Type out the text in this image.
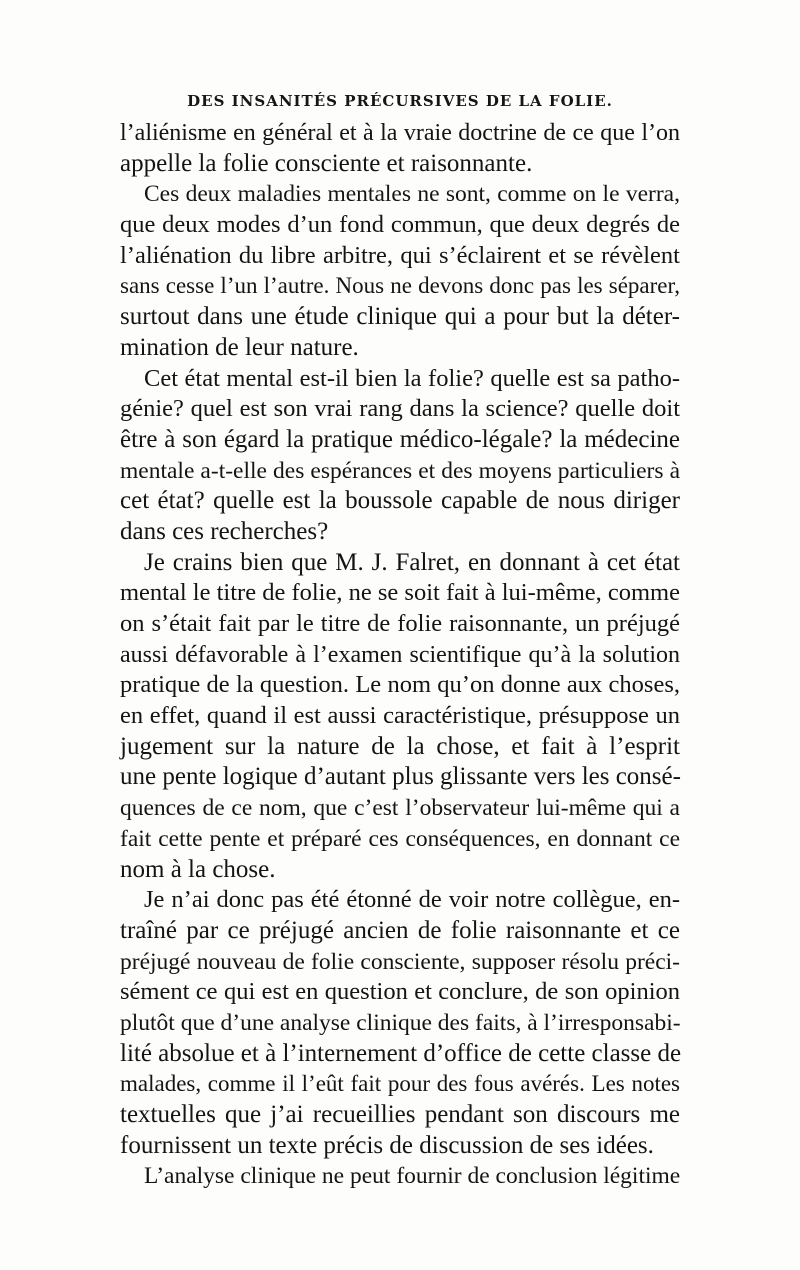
DES INSANITÉS PRÉCURSIVES DE LA FOLIE.
l’aliénisme en général et à la vraie doctrine de ce que l’on
appelle la folie consciente et raisonnante.
Ces deux maladies mentales ne sont, comme on le verra,
que deux modes d’un fond commun, que deux degrés de
l’aliénation du libre arbitre, qui s’éclairent et se révèlent
sans cesse l’un l’autre. Nous ne devons donc pas les séparer,
surtout dans une étude clinique qui a pour but la déter-
mination de leur nature.
Cet état mental est-il bien la folie? quelle est sa patho-
génie? quel est son vrai rang dans la science? quelle doit
être à son égard la pratique médico-légale? la médecine
mentale a-t-elle des espérances et des moyens particuliers à
cet état? quelle est la boussole capable de nous diriger
dans ces recherches?
Je crains bien que M. J. Falret, en donnant à cet état
mental le titre de folie, ne se soit fait à lui-même, comme
on s’était fait par le titre de folie raisonnante, un préjugé
aussi défavorable à l’examen scientifique qu’à la solution
pratique de la question. Le nom qu’on donne aux choses,
en effet, quand il est aussi caractéristique, présuppose un
jugement sur la nature de la chose, et fait à l’esprit
une pente logique d’autant plus glissante vers les consé-
quences de ce nom, que c’est l’observateur lui-même qui a
fait cette pente et préparé ces conséquences, en donnant ce
nom à la chose.
Je n’ai donc pas été étonné de voir notre collègue, en-
traîné par ce préjugé ancien de folie raisonnante et ce
préjugé nouveau de folie consciente, supposer résolu préci-
sément ce qui est en question et conclure, de son opinion
plutôt que d’une analyse clinique des faits, à l’irresponsabi-
lité absolue et à l’internement d’office de cette classe de
malades, comme il l’eût fait pour des fous avérés. Les notes
textuelles que j’ai recueillies pendant son discours me
fournissent un texte précis de discussion de ses idées.
L’analyse clinique ne peut fournir de conclusion légitime
